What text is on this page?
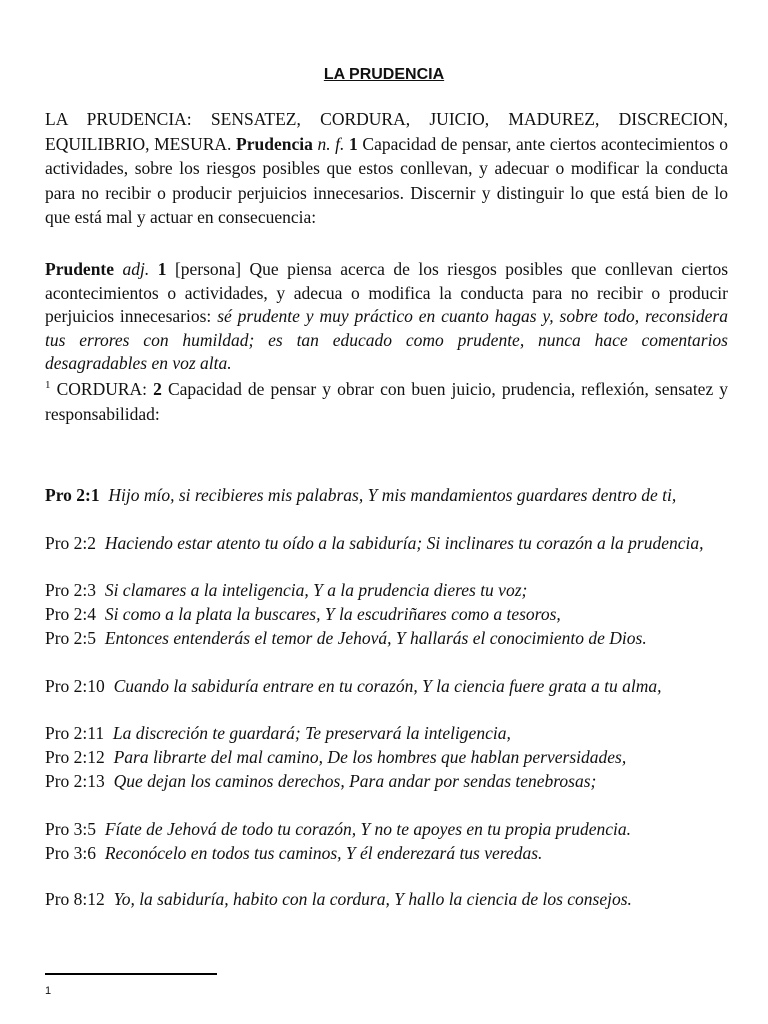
LA PRUDENCIA
LA PRUDENCIA: SENSATEZ, CORDURA, JUICIO, MADUREZ, DISCRECION, EQUILIBRIO, MESURA. Prudencia n. f. 1 Capacidad de pensar, ante ciertos acontecimientos o actividades, sobre los riesgos posibles que estos conllevan, y adecuar o modificar la conducta para no recibir o producir perjuicios innecesarios. Discernir y distinguir lo que está bien de lo que está mal y actuar en consecuencia:
Prudente adj. 1 [persona] Que piensa acerca de los riesgos posibles que conllevan ciertos acontecimientos o actividades, y adecua o modifica la conducta para no recibir o producir perjuicios innecesarios: sé prudente y muy práctico en cuanto hagas y, sobre todo, reconsidera tus errores con humildad; es tan educado como prudente, nunca hace comentarios desagradables en voz alta.
$^1$ CORDURA: 2 Capacidad de pensar y obrar con buen juicio, prudencia, reflexión, sensatez y responsabilidad:
Pro 2:1 Hijo mío, si recibieres mis palabras, Y mis mandamientos guardares dentro de ti,
Pro 2:2 Haciendo estar atento tu oído a la sabiduría; Si inclinares tu corazón a la prudencia,
Pro 2:3 Si clamares a la inteligencia, Y a la prudencia dieres tu voz;
Pro 2:4 Si como a la plata la buscares, Y la escudriñares como a tesoros,
Pro 2:5 Entonces entenderás el temor de Jehová, Y hallarás el conocimiento de Dios.
Pro 2:10 Cuando la sabiduría entrare en tu corazón, Y la ciencia fuere grata a tu alma,
Pro 2:11 La discreción te guardará; Te preservará la inteligencia,
Pro 2:12 Para librarte del mal camino, De los hombres que hablan perversidades,
Pro 2:13 Que dejan los caminos derechos, Para andar por sendas tenebrosas;
Pro 3:5 Fíate de Jehová de todo tu corazón, Y no te apoyes en tu propia prudencia.
Pro 3:6 Reconócelo en todos tus caminos, Y él enderezará tus veredas.
Pro 8:12 Yo, la sabiduría, habito con la cordura, Y hallo la ciencia de los consejos.
1
